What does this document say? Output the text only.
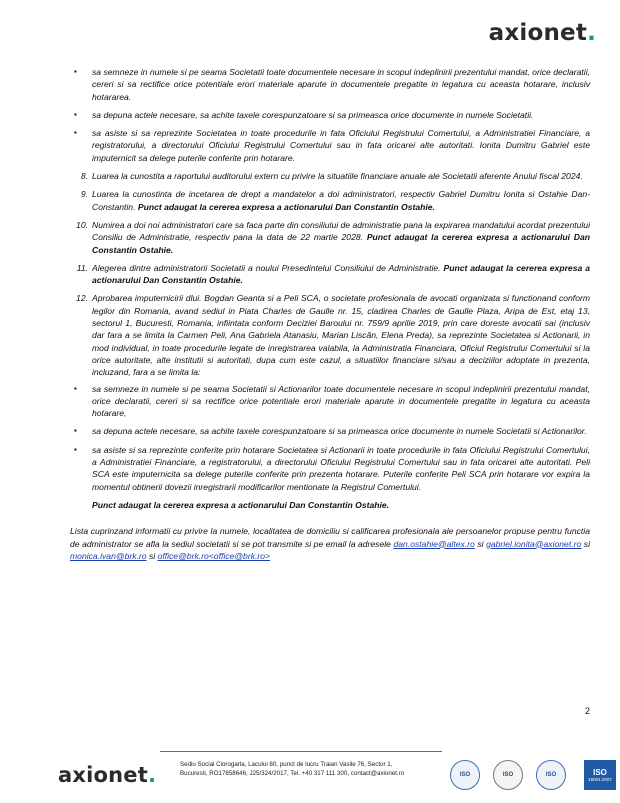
axionet.
▪ sa semneze in numele si pe seama Societatii toate documentele necesare in scopul indeplinirii prezentului mandat, orice declaratii, cereri si sa rectifice orice potentiale erori materiale aparute in documentele pregatite in legatura cu aceasta hotarare, inclusiv hotararea.
▪ sa depuna actele necesare, sa achite taxele corespunzatoare si sa primeasca orice documente in numele Societatii.
▪ sa asiste si sa reprezinte Societatea in toate procedurile in fata Oficiului Registrului Comertului, a Administratiei Financiare, a registratorului, a directorului Oficiului Registrului Comertului sau in fata oricarei alte autoritati. Ionita Dumitru Gabriel este imputernicit sa delege puterile conferite prin hotarare.
8. Luarea la cunostita a raportului auditorului extern cu privire la situatiile financiare anuale ale Societatii aferente Anului fiscal 2024.
9. Luarea la cunostinta de incetarea de drept a mandatelor a doi administratori, respectiv Gabriel Dumitru Ionita si Ostahie Dan-Constantin. Punct adaugat la cererea expresa a actionarului Dan Constantin Ostahie.
10. Numirea a doi noi administratori care sa faca parte din consiliului de administratie pana la expirarea mandatului acordat prezentului Consiliu de Administratie, respectiv pana la data de 22 martie 2028. Punct adaugat la cererea expresa a actionarului Dan Constantin Ostahie.
11. Alegerea dintre administratorii Societatii a noului Presedintelui Consiliului de Administratie. Punct adaugat la cererea expresa a actionarului Dan Constantin Ostahie.
12. Aprobarea imputernicirii dlui. Bogdan Geanta si a Peli SCA, o societate profesionala de avocati organizata si functionand conform legilor din Romania, avand sediul in Piata Charles de Gaulle nr. 15, cladirea Charles de Gaulle Plaza, Aripa de Est, etaj 13, sectorul 1, Bucuresti, Romania, infiintata conform Deciziei Baroului nr. 759/9 aprilie 2019, prin care doreste avocatii sai (inclusiv dar fara a se limita la Carmen Peli, Ana Gabriela Atanasiu, Marian Liscăn, Elena Preda), sa reprezinte Societatea si Actionarii, in mod individual, in toate procedurile legate de inregistrarea valabila, la Administratia Financiara, Oficiul Registrului Comertului si la orice autoritate, alte institutii si autoritati, dupa cum este cazul, a situatiilor financiare si/sau a deciziilor adoptate in prezenta, incluzand, fara a se limita la:
▪ sa semneze in numele si pe seama Societatii si Actionarilor toate documentele necesare in scopul indeplinirii prezentului mandat, orice declaratii, cereri si sa rectifice orice potentiale erori materiale aparute in documentele pregatite in legatura cu aceasta hotarare,
▪ sa depuna actele necesare, sa achite taxele corespunzatoare si sa primeasca orice documente in numele Societatii si Actionarilor.
▪ sa asiste si sa reprezinte conferite prin hotarare Societatea si Actionarii in toate procedurile in fata Oficiului Registrului Comertului, a Administratiei Financiare, a registratorului, a directorului Oficiului Registrului Comertului sau in fata oricarei alte autoritati. Peli SCA este imputernicita sa delege puterile conferite prin prezenta hotarare. Puterile conferite Peli SCA prin hotarare vor expira la momentul obtinerii dovezii inregistrarii modificarilor mentionate la Registrul Comertului.
Punct adaugat la cererea expresa a actionarului Dan Constantin Ostahie.
Lista cuprinzand informatii cu privire la numele, localitatea de domiciliu si calificarea profesionala ale persoanelor propuse pentru functia de administrator se afla la sediul societatii si se pot transmite si pe email la adresele dan.ostahie@altex.ro si gabriel.ionita@axionet.ro si monica.ivan@brk.ro si office@brk.ro<office@brk.ro>
2
axionet.	Sediu Social Ciorogarla, Lacului 80, punct de lucru Traian Vasile 76, Sector 1, Bucuresti, RO17858646, J25/324/2017, Tel. +40 317 111 300, contact@axionet.ro	ISO	ISO	ISO	ISO
18001:2007
